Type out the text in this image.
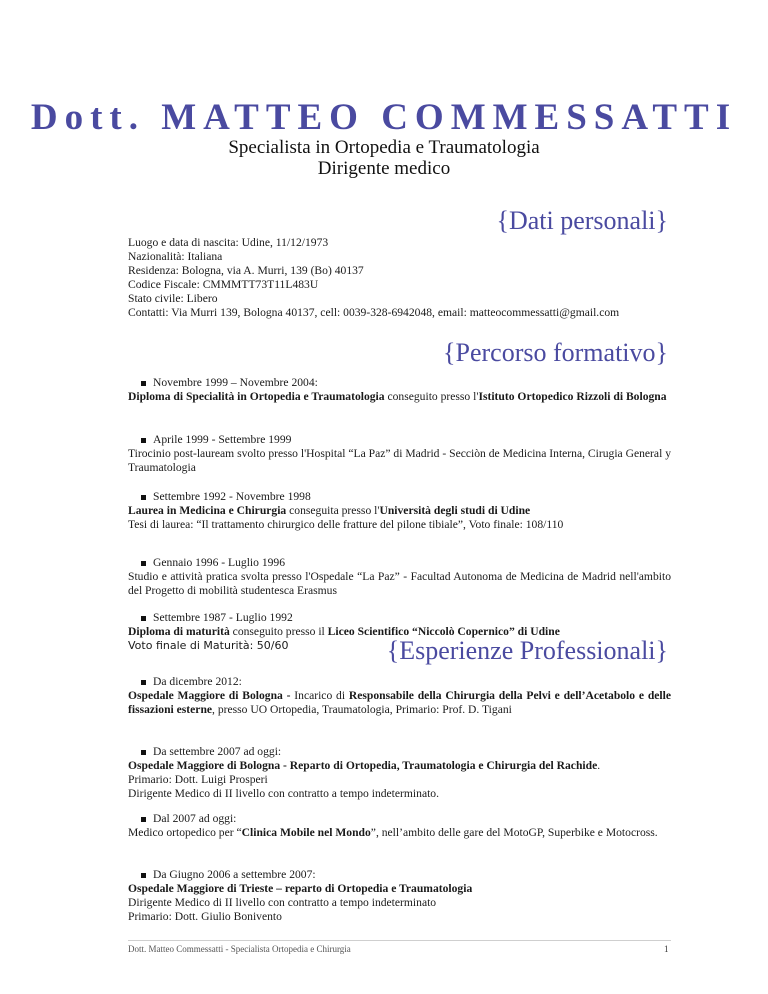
Dott. MATTEO COMMESSATTI
Specialista in Ortopedia e Traumatologia
Dirigente medico
{Dati personali}

Luogo e data di nascita: Udine, 11/12/1973

Nazionalità: Italiana

Residenza: Bologna, via A. Murri, 139 (Bo) 40137

Codice Fiscale: CMMMTT73T11L483U

Stato civile: Libero

Contatti: Via Murri 139, Bologna 40137, cell: 0039-328-6942048, email: matteocommessatti@gmail.com

{Percorso formativo}

Novembre 1999 – Novembre 2004:

Diploma di Specialità in Ortopedia e Traumatologia conseguito presso l'Istituto Ortopedico Rizzoli di Bologna

Aprile 1999 - Settembre 1999

Tirocinio post-lauream svolto presso l'Hospital “La Paz” di Madrid - Secciòn de Medicina Interna, Cirugia General y Traumatologia

Settembre 1992 - Novembre 1998

Laurea in Medicina e Chirurgia conseguita presso l'Università degli studi di Udine

Tesi di laurea: “Il trattamento chirurgico delle fratture del pilone tibiale”, Voto finale: 108/110

Gennaio 1996 - Luglio 1996

Studio e attività pratica svolta presso l'Ospedale “La Paz” - Facultad Autonoma de Medicina de Madrid nell'ambito del Progetto di mobilità studentesca Erasmus

Settembre 1987 - Luglio 1992

Diploma di maturità conseguito presso il Liceo Scientifico “Niccolò Copernico” di Udine

Voto finale di Maturità: 50/60	{Esperienze Professionali}

Da dicembre 2012:

Ospedale Maggiore di Bologna - Incarico di Responsabile della Chirurgia della Pelvi e dell’Acetabolo e delle fissazioni esterne, presso UO Ortopedia, Traumatologia, Primario: Prof. D. Tigani

Da settembre 2007 ad oggi:

Ospedale Maggiore di Bologna - Reparto di Ortopedia, Traumatologia e Chirurgia del Rachide.

Primario: Dott. Luigi Prosperi

Dirigente Medico di II livello con contratto a tempo indeterminato.

Dal 2007 ad oggi:

Medico ortopedico per “Clinica Mobile nel Mondo”, nell’ambito delle gare del MotoGP, Superbike e Motocross.

Da Giugno 2006 a settembre 2007:

Ospedale Maggiore di Trieste – reparto di Ortopedia e Traumatologia

Dirigente Medico di II livello con contratto a tempo indeterminato

Primario: Dott. Giulio Bonivento

Dott. Matteo Commessatti - Specialista Ortopedia e Chirurgia	1
